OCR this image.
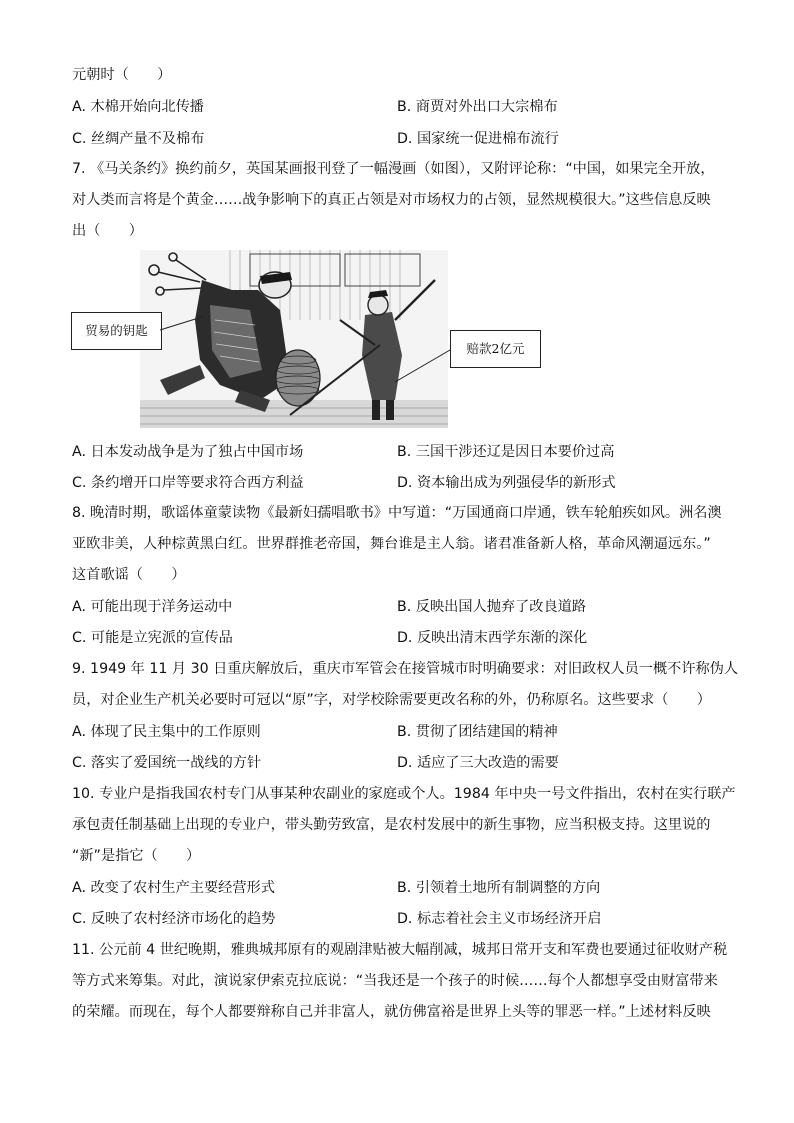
元朝时（　　）
A. 木棉开始向北传播	B. 商贾对外出口大宗棉布
C. 丝绸产量不及棉布	D. 国家统一促进棉布流行
7. 《马关条约》换约前夕，英国某画报刊登了一幅漫画（如图），又附评论称：“中国，如果完全开放，
对人类而言将是个黄金……战争影响下的真正占领是对市场权力的占领，显然规模很大。”这些信息反映
出（　　）
贸易的钥匙
赔款2亿元
A. 日本发动战争是为了独占中国市场	B. 三国干涉还辽是因日本要价过高
C. 条约增开口岸等要求符合西方利益	D. 资本输出成为列强侵华的新形式
8. 晚清时期，歌谣体童蒙读物《最新妇孺唱歌书》中写道：“万国通商口岸通，铁车轮舶疾如风。洲名澳
亚欧非美，人种棕黄黑白红。世界群推老帝国，舞台谁是主人翁。诸君准备新人格，革命风潮逼远东。”
这首歌谣（　　）
A. 可能出现于洋务运动中	B. 反映出国人抛弃了改良道路
C. 可能是立宪派的宣传品	D. 反映出清末西学东渐的深化
9. 1949 年 11 月 30 日重庆解放后，重庆市军管会在接管城市时明确要求：对旧政权人员一概不许称伪人
员，对企业生产机关必要时可冠以“原”字，对学校除需要更改名称的外，仍称原名。这些要求（　　）
A. 体现了民主集中的工作原则	B. 贯彻了团结建国的精神
C. 落实了爱国统一战线的方针	D. 适应了三大改造的需要
10. 专业户是指我国农村专门从事某种农副业的家庭或个人。1984 年中央一号文件指出，农村在实行联产
承包责任制基础上出现的专业户，带头勤劳致富，是农村发展中的新生事物，应当积极支持。这里说的
“新”是指它（　　）
A. 改变了农村生产主要经营形式	B. 引领着土地所有制调整的方向
C. 反映了农村经济市场化的趋势	D. 标志着社会主义市场经济开启
11. 公元前 4 世纪晚期，雅典城邦原有的观剧津贴被大幅削减，城邦日常开支和军费也要通过征收财产税
等方式来筹集。对此，演说家伊索克拉底说：“当我还是一个孩子的时候……每个人都想享受由财富带来
的荣耀。而现在，每个人都要辩称自己并非富人，就仿佛富裕是世界上头等的罪恶一样。”上述材料反映
